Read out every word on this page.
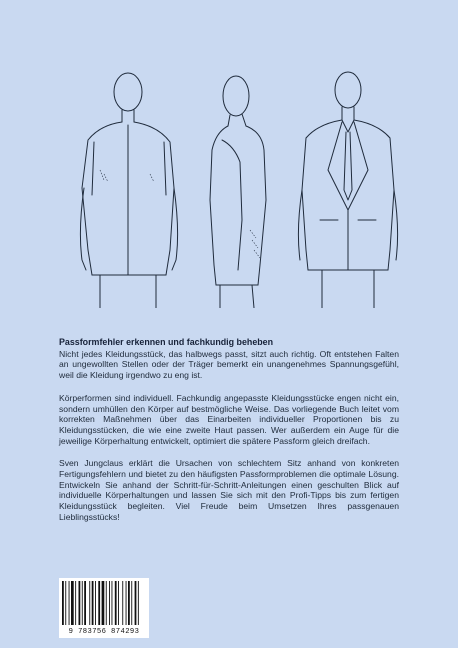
Passformfehler erkennen und fachkundig beheben

Nicht jedes Kleidungsstück, das halbwegs passt, sitzt auch richtig. Oft entstehen Falten an ungewollten Stellen oder der Träger bemerkt ein unangenehmes Spannungsgefühl, weil die Kleidung irgendwo zu eng ist.

Körperformen sind individuell. Fachkundig angepasste Kleidungsstücke engen nicht ein, sondern umhüllen den Körper auf bestmögliche Weise. Das vorliegende Buch leitet vom korrekten Maßnehmen über das Einarbeiten individueller Proportionen bis zu Kleidungsstücken, die wie eine zweite Haut passen. Wer außerdem ein Auge für die jeweilige Körperhaltung entwickelt, optimiert die spätere Passform gleich dreifach.

Sven Jungclaus erklärt die Ursachen von schlechtem Sitz anhand von konkreten Fertigungsfehlern und bietet zu den häufigsten Passformproblemen die optimale Lösung. Entwickeln Sie anhand der Schritt-für-Schritt-Anleitungen einen geschulten Blick auf individuelle Körperhaltungen und lassen Sie sich mit den Profi-Tipps bis zum fertigen Kleidungsstück begleiten. Viel Freude beim Umsetzen Ihres passgenauen Lieblingsstücks!

9 783756 874293
